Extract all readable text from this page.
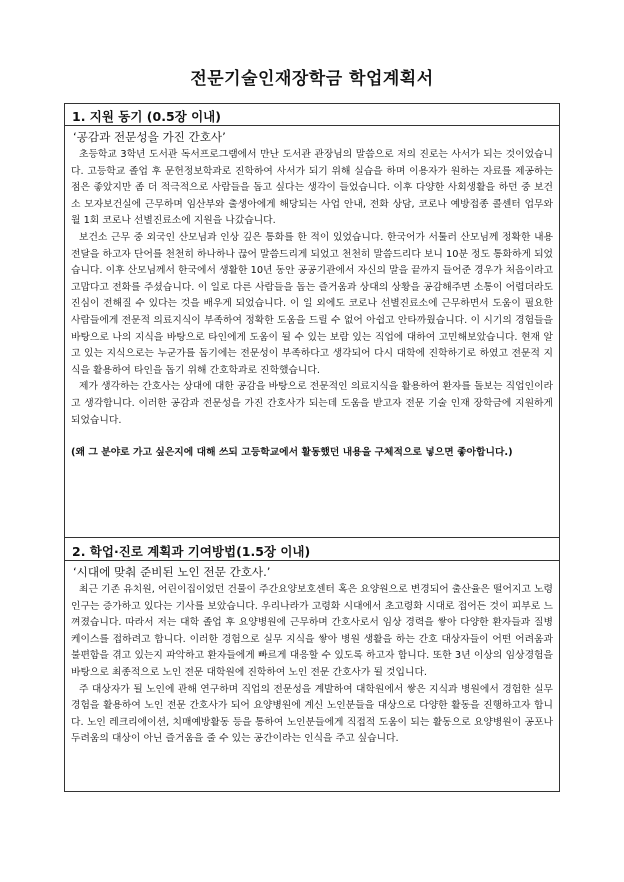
전문기술인재장학금 학업계획서
1. 지원 동기 (0.5장 이내)
‘공감과 전문성을 가진 간호사’

초등학교 3학년 도서관 독서프로그램에서 만난 도서관 관장님의 말씀으로 저의 진로는 사서가 되는 것이었습니다. 고등학교 졸업 후 문헌정보학과로 진학하여 사서가 되기 위해 실습을 하며 이용자가 원하는 자료를 제공하는 점은 좋았지만 좀 더 적극적으로 사람들을 돕고 싶다는 생각이 들었습니다. 이후 다양한 사회생활을 하던 중 보건소 모자보건실에 근무하며 임산부와 출생아에게 해당되는 사업 안내, 전화 상담, 코로나 예방접종 콜센터 업무와 월 1회 코로나 선별진료소에 지원을 나갔습니다.

보건소 근무 중 외국인 산모님과 인상 깊은 통화를 한 적이 있었습니다. 한국어가 서툴러 산모님께 정확한 내용 전달을 하고자 단어를 천천히 하나하나 끊어 말씀드리게 되었고 천천히 말씀드리다 보니 10분 정도 통화하게 되었습니다. 이후 산모님께서 한국에서 생활한 10년 동안 공공기관에서 자신의 말을 끝까지 들어준 경우가 처음이라고 고맙다고 전화를 주셨습니다. 이 일로 다른 사람들을 돕는 즐거움과 상대의 상황을 공감해주면 소통이 어렵더라도 진심이 전해질 수 있다는 것을 배우게 되었습니다. 이 일 외에도 코로나 선별진료소에 근무하면서 도움이 필요한 사람들에게 전문적 의료지식이 부족하여 정확한 도움을 드릴 수 없어 아쉽고 안타까웠습니다. 이 시기의 경험들을 바탕으로 나의 지식을 바탕으로 타인에게 도움이 될 수 있는 보람 있는 직업에 대하여 고민해보았습니다. 현재 알고 있는 지식으로는 누군가를 돕기에는 전문성이 부족하다고 생각되어 다시 대학에 진학하기로 하였고 전문적 지식을 활용하여 타인을 돕기 위해 간호학과로 진학했습니다.

제가 생각하는 간호사는 상대에 대한 공감을 바탕으로 전문적인 의료지식을 활용하여 환자를 돌보는 직업인이라고 생각합니다. 이러한 공감과 전문성을 가진 간호사가 되는데 도움을 받고자 전문 기술 인재 장학금에 지원하게 되었습니다.

(왜 그 분야로 가고 싶은지에 대해 쓰되 고등학교에서 활동했던 내용을 구체적으로 넣으면 좋아합니다.)

2. 학업·진로 계획과 기여방법(1.5장 이내)
‘시대에 맞춰 준비된 노인 전문 간호사.’

최근 기존 유치원, 어린이집이었던 건물이 주간요양보호센터 혹은 요양원으로 변경되어 출산율은 떨어지고 노령인구는 증가하고 있다는 기사를 보았습니다. 우리나라가 고령화 시대에서 초고령화 시대로 접어든 것이 피부로 느껴졌습니다. 따라서 저는 대학 졸업 후 요양병원에 근무하며 간호사로서 임상 경력을 쌓아 다양한 환자들과 질병 케이스를 접하려고 합니다. 이러한 경험으로 실무 지식을 쌓아 병원 생활을 하는 간호 대상자들이 어떤 어려움과 불편함을 겪고 있는지 파악하고 환자들에게 빠르게 대응할 수 있도록 하고자 합니다. 또한 3년 이상의 임상경험을 바탕으로 최종적으로 노인 전문 대학원에 진학하여 노인 전문 간호사가 될 것입니다.

주 대상자가 될 노인에 관해 연구하며 직업의 전문성을 계발하여 대학원에서 쌓은 지식과 병원에서 경험한 실무경험을 활용하여 노인 전문 간호사가 되어 요양병원에 계신 노인분들을 대상으로 다양한 활동을 진행하고자 합니다. 노인 레크리에이션, 치매예방활동 등을 통하여 노인분들에게 직접적 도움이 되는 활동으로 요양병원이 공포나 두려움의 대상이 아닌 즐거움을 줄 수 있는 공간이라는 인식을 주고 싶습니다.
